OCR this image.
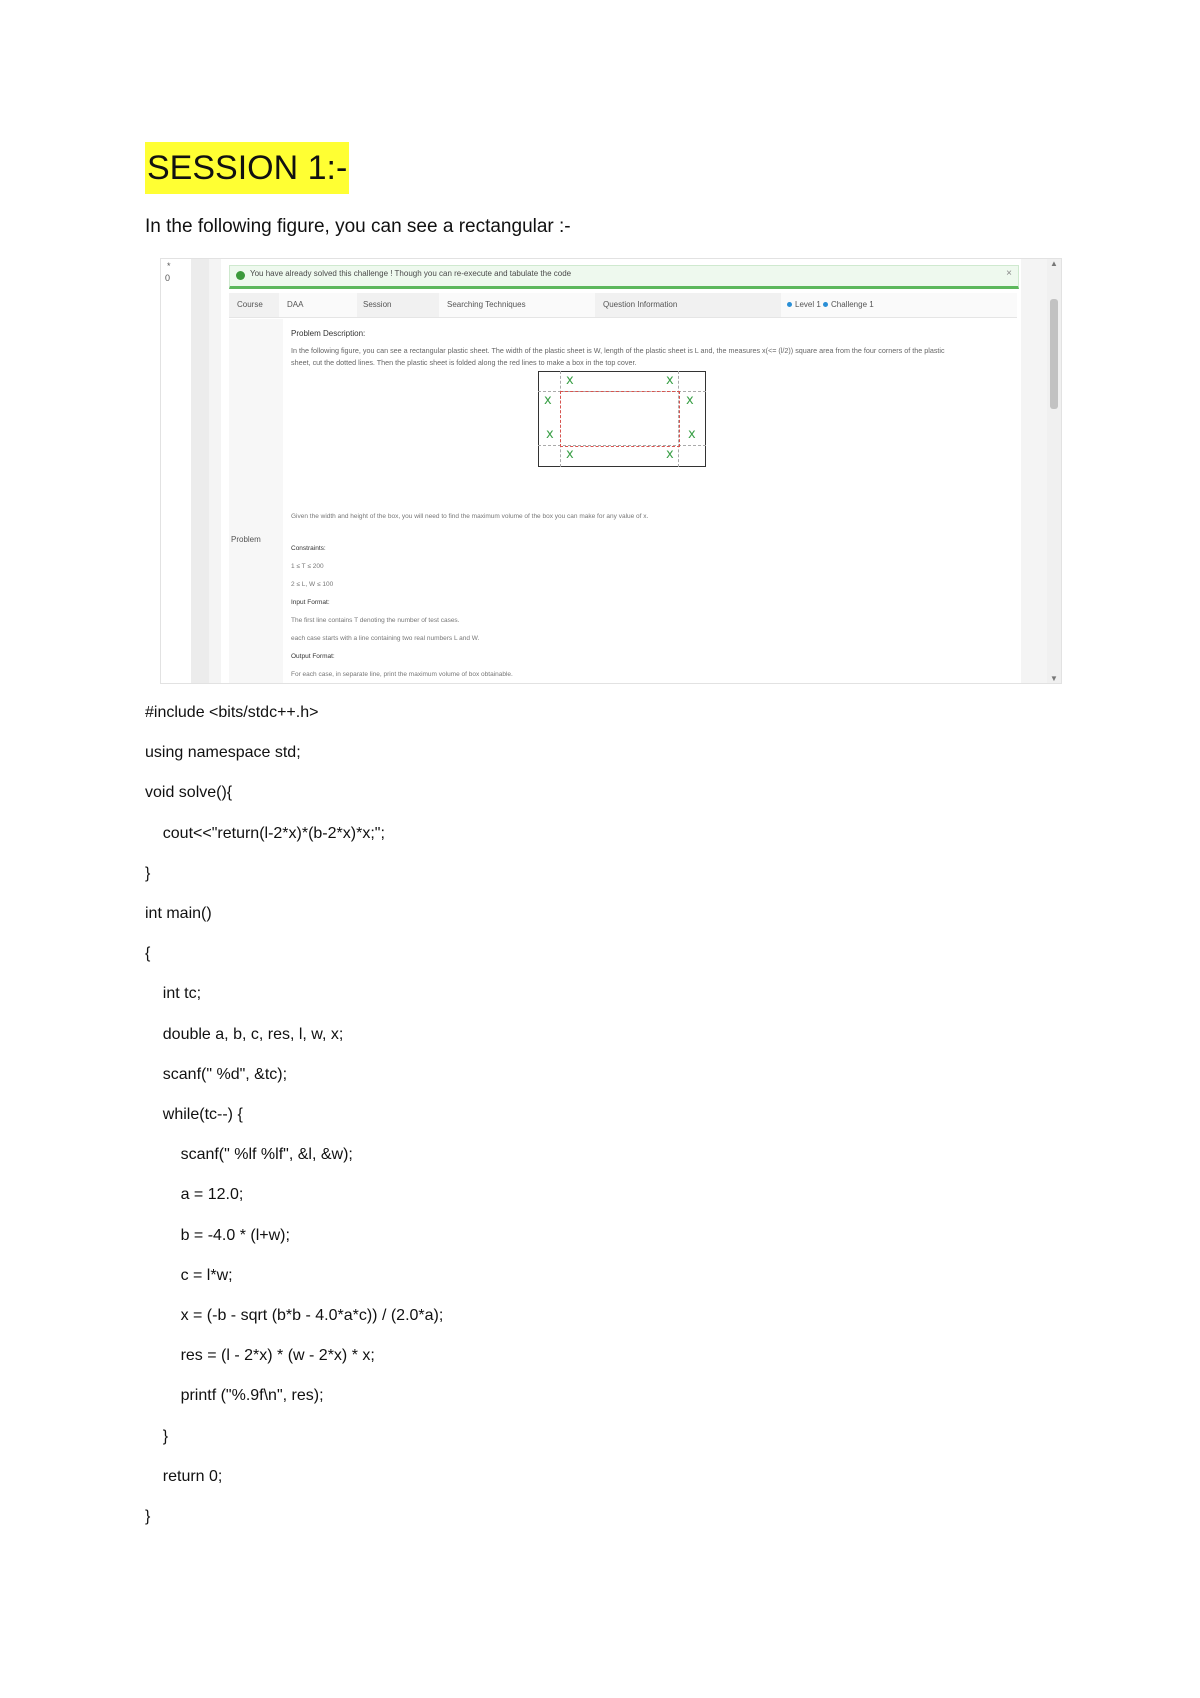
SESSION 1:-
In the following figure, you can see a rectangular :-
*
0	You have already solved this challenge ! Though you can re-execute and tabulate the code	×
Course	DAA	Session	Searching Techniques	Question Information	Level 1 Challenge 1
Problem
Problem Description:
In the following figure, you can see a rectangular plastic sheet. The width of the plastic sheet is W, length of the plastic sheet is L and, the measures x(<= (l/2)) square area from the four corners of the plastic sheet, cut the dotted lines. Then the plastic sheet is folded along the red lines to make a box in the top cover.
x	x
x	x
x	x
x	x
Given the width and height of the box, you will need to find the maximum volume of the box you can make for any value of x.
Constraints:
1 ≤ T ≤ 200
2 ≤ L, W ≤ 100
Input Format:
The first line contains T denoting the number of test cases.
each case starts with a line containing two real numbers L and W.
Output Format:
For each case, in separate line, print the maximum volume of box obtainable.
▲
▼
#include <bits/stdc++.h>
using namespace std;
void solve(){
cout<<"return(l-2*x)*(b-2*x)*x;";
}
int main()
{
int tc;
double a, b, c, res, l, w, x;
scanf(" %d", &tc);
while(tc--) {
scanf(" %lf %lf", &l, &w);
a = 12.0;
b = -4.0 * (l+w);
c = l*w;
x = (-b - sqrt (b*b - 4.0*a*c)) / (2.0*a);
res = (l - 2*x) * (w - 2*x) * x;
printf ("%.9f\n", res);
}
return 0;
}
